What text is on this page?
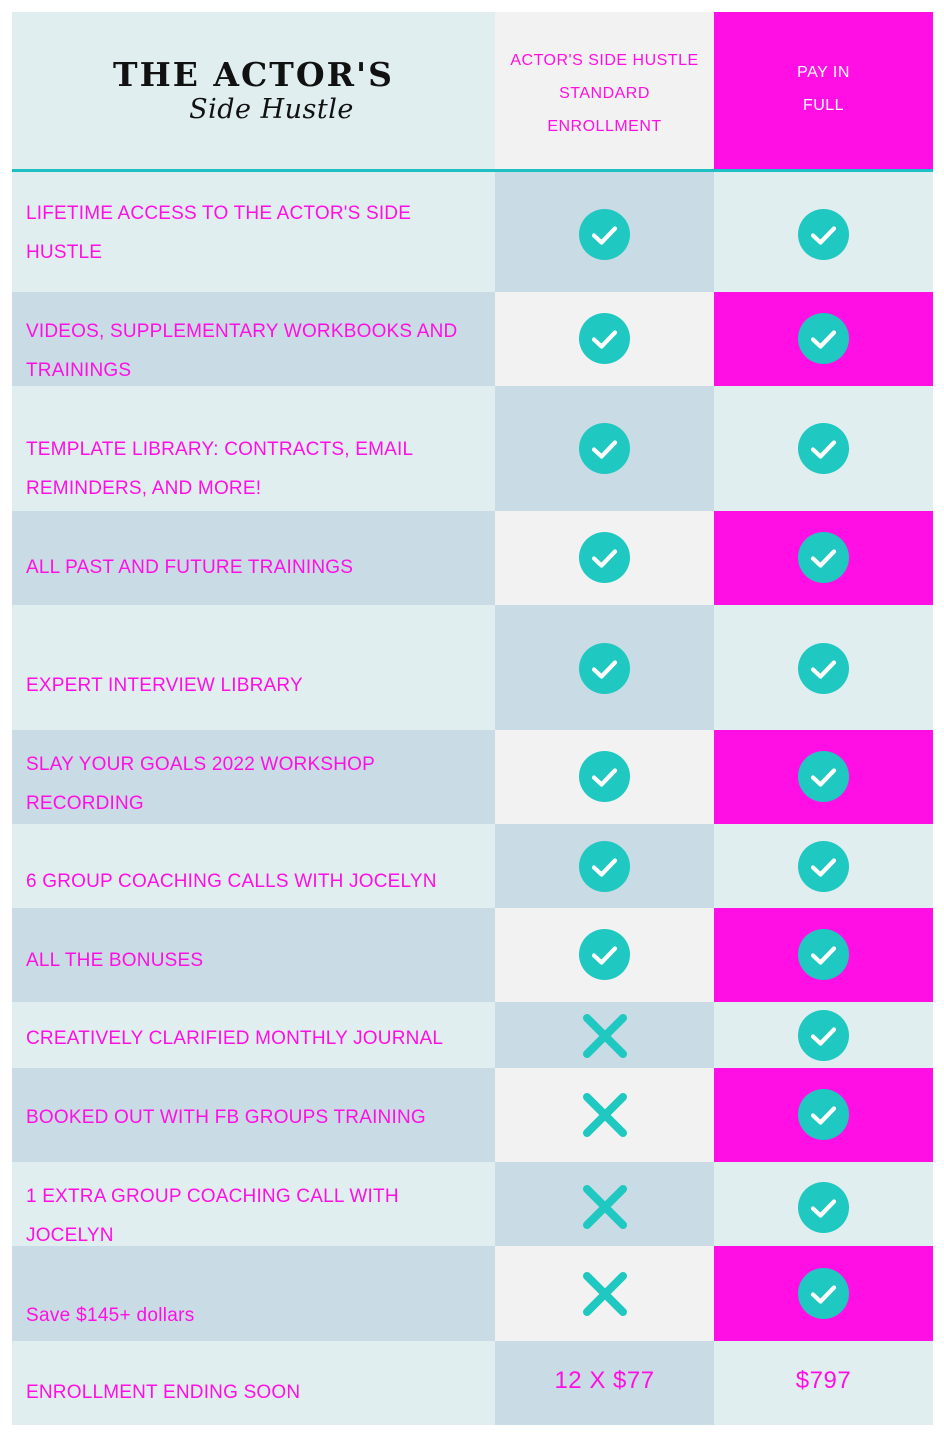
THE ACTOR'S
Side Hustle
ACTOR'S SIDE HUSTLE
STANDARD
ENROLLMENT
PAY IN
FULL
LIFETIME ACCESS TO THE ACTOR'S SIDE HUSTLE
VIDEOS, SUPPLEMENTARY WORKBOOKS AND TRAININGS
TEMPLATE LIBRARY: CONTRACTS, EMAIL REMINDERS, AND MORE!
ALL PAST AND FUTURE TRAININGS
EXPERT INTERVIEW LIBRARY
SLAY YOUR GOALS 2022 WORKSHOP RECORDING
6 GROUP COACHING CALLS WITH JOCELYN
ALL THE BONUSES
CREATIVELY CLARIFIED MONTHLY JOURNAL
BOOKED OUT WITH FB GROUPS TRAINING
1 EXTRA GROUP COACHING CALL WITH JOCELYN
Save $145+ dollars
ENROLLMENT ENDING SOON	12 X $77	$797
